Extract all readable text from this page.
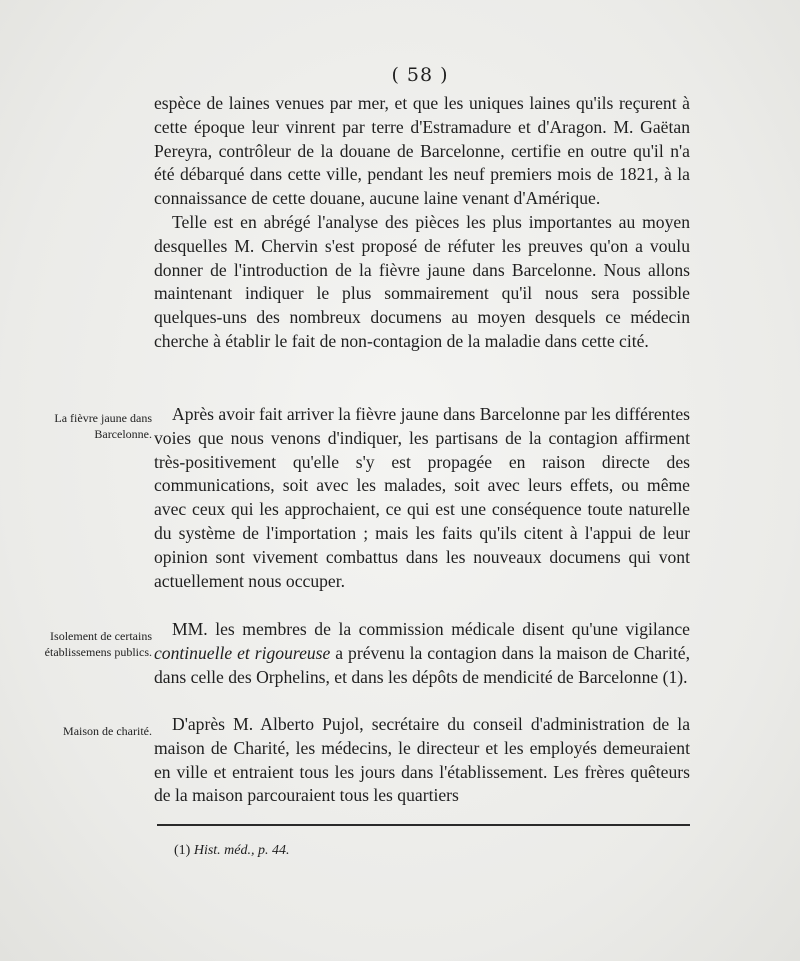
( 58 )

espèce de laines venues par mer, et que les uniques laines qu'ils reçurent à cette époque leur vinrent par terre d'Estramadure et d'Aragon. M. Gaëtan Pereyra, contrôleur de la douane de Barcelonne, certifie en outre qu'il n'a été débarqué dans cette ville, pendant les neuf premiers mois de 1821, à la connaissance de cette douane, aucune laine venant d'Amérique.

Telle est en abrégé l'analyse des pièces les plus importantes au moyen desquelles M. Chervin s'est proposé de réfuter les preuves qu'on a voulu donner de l'introduction de la fièvre jaune dans Barcelonne. Nous allons maintenant indiquer le plus sommairement qu'il nous sera possible quelques-uns des nombreux documens au moyen desquels ce médecin cherche à établir le fait de non-contagion de la maladie dans cette cité.

Après avoir fait arriver la fièvre jaune dans Barcelonne par les différentes voies que nous venons d'indiquer, les partisans de la contagion affirment très-positivement qu'elle s'y est propagée en raison directe des communications, soit avec les malades, soit avec leurs effets, ou même avec ceux qui les approchaient, ce qui est une conséquence toute naturelle du système de l'importation ; mais les faits qu'ils citent à l'appui de leur opinion sont vivement combattus dans les nouveaux documens qui vont actuellement nous occuper.

MM. les membres de la commission médicale disent qu'une vigilance continuelle et rigoureuse a prévenu la contagion dans la maison de Charité, dans celle des Orphelins, et dans les dépôts de mendicité de Barcelonne (1).

D'après M. Alberto Pujol, secrétaire du conseil d'administration de la maison de Charité, les médecins, le directeur et les employés demeuraient en ville et entraient tous les jours dans l'établissement. Les frères quêteurs de la maison parcouraient tous les quartiers

La fièvre jaune dans Barcelonne.
Isolement de certains établissemens publics.
Maison de charité.
(1) Hist. méd., p. 44.
